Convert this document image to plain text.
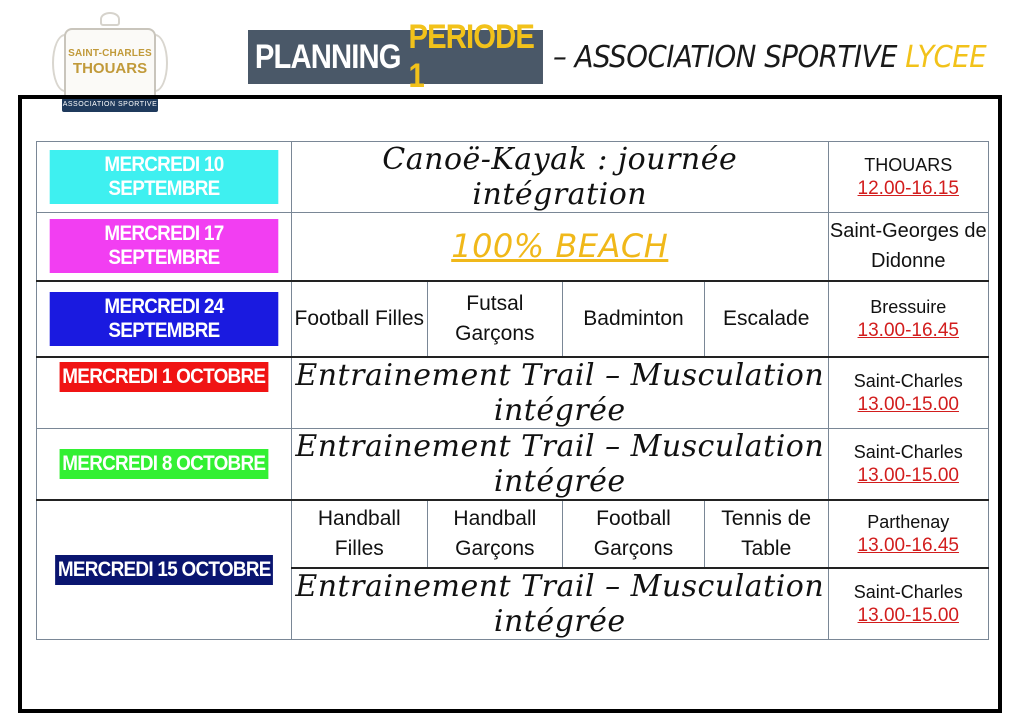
SAINT-CHARLES
THOUARS
ASSOCIATION SPORTIVE
PLANNING
PERIODE 1	– ASSOCIATION SPORTIVE LYCEE
MERCREDI 10 SEPTEMBRE	Canoë-Kayak : journée intégration				THOUARS
12.00-16.15

MERCREDI 17 SEPTEMBRE	100% BEACH				Saint-Georges de Didonne

MERCREDI 24 SEPTEMBRE	Football Filles	Futsal Garçons	Badminton	Escalade	Bressuire
13.00-16.45

MERCREDI 1 OCTOBRE	Entrainement Trail – Musculation intégrée				Saint-Charles
13.00-15.00

MERCREDI 8 OCTOBRE	Entrainement Trail – Musculation intégrée				Saint-Charles
13.00-15.00

MERCREDI 15 OCTOBRE	Handball Filles	Handball Garçons	Football Garçons	Tennis de Table	Parthenay
13.00-16.45

	Entrainement Trail – Musculation intégrée				Saint-Charles
13.00-15.00
